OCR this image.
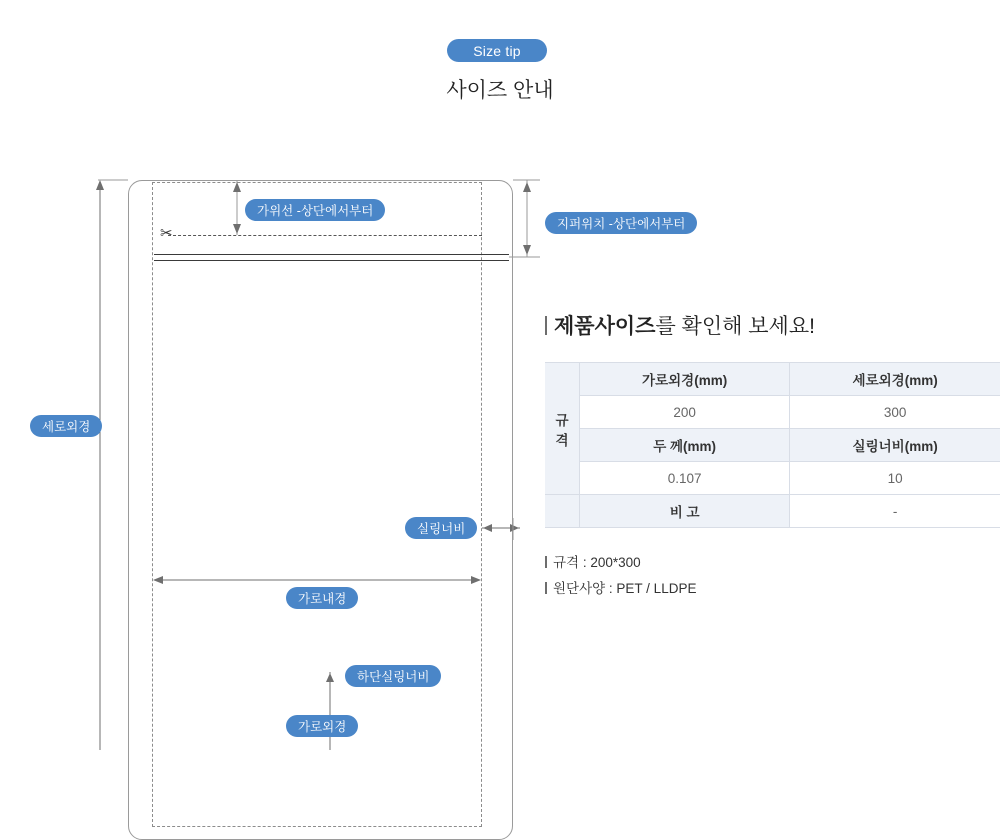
Size tip
사이즈 안내
✂
가위선 -상단에서부터
지퍼위치 -상단에서부터
세로외경
실링너비
가로내경
하단실링너비
가로외경
제품사이즈를 확인해 보세요!
규
격	가로외경(mm)	세로외경(mm)
	200	300
	두 께(mm)	실링너비(mm)
	0.107	10
	비 고	-
규격 : 200*300
원단사양 : PET / LLDPE
